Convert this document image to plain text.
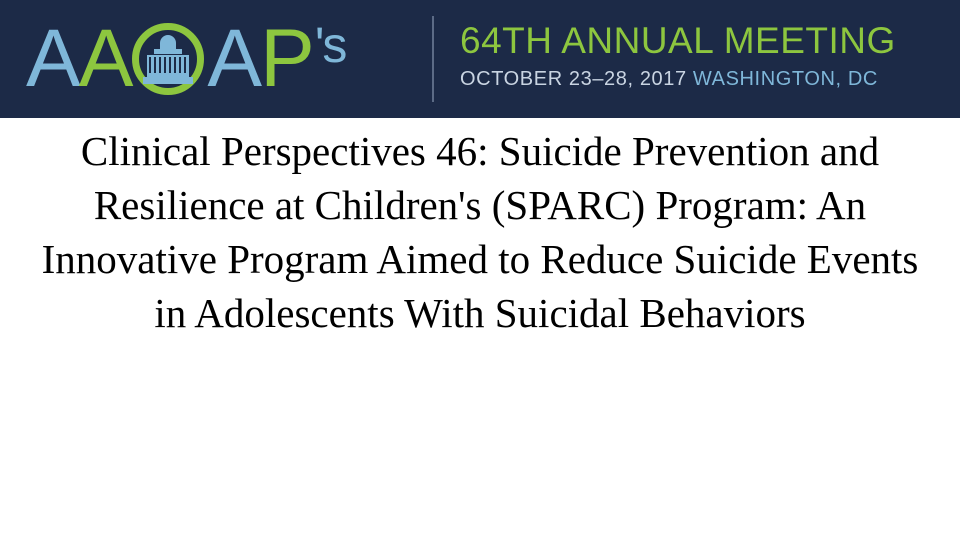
A A A P 's	64TH ANNUAL MEETING
OCTOBER 23–28, 2017 WASHINGTON, DC
Clinical Perspectives 46: Suicide Prevention and Resilience at Children's (SPARC) Program: An Innovative Program Aimed to Reduce Suicide Events in Adolescents With Suicidal Behaviors
